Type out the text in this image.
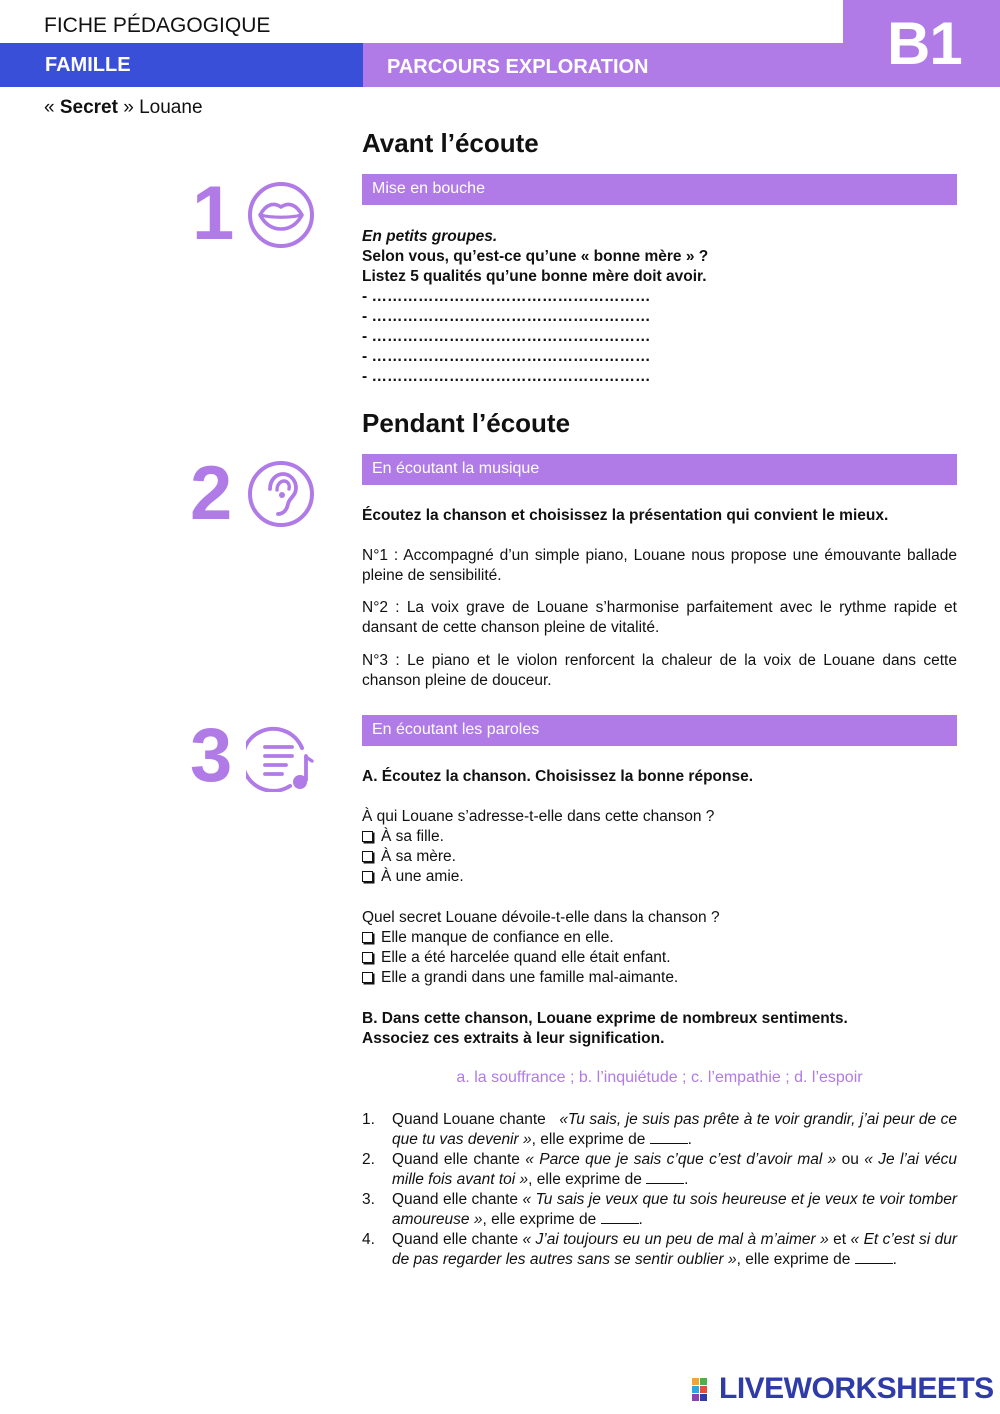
FICHE PÉDAGOGIQUE
FAMILLE	PARCOURS EXPLORATION	B1
« Secret » Louane
Avant l’écoute
1	Mise en bouche
En petits groupes.
Selon vous, qu’est-ce qu’une « bonne mère » ?
Listez 5 qualités qu’une bonne mère doit avoir.
- ………………………………………………
- ………………………………………………
- ………………………………………………
- ………………………………………………
- ………………………………………………
Pendant l’écoute
2	En écoutant la musique
Écoutez la chanson et choisissez la présentation qui convient le mieux.
N°1 : Accompagné d’un simple piano, Louane nous propose une émouvante ballade pleine de sensibilité.
N°2 : La voix grave de Louane s’harmonise parfaitement avec le rythme rapide et dansant de cette chanson pleine de vitalité.
N°3 : Le piano et le violon renforcent la chaleur de la voix de Louane dans cette chanson pleine de douceur.
3	En écoutant les paroles
A. Écoutez la chanson. Choisissez la bonne réponse.
À qui Louane s’adresse-t-elle dans cette chanson ?
À sa fille.
À sa mère.
À une amie.
Quel secret Louane dévoile-t-elle dans la chanson ?
Elle manque de confiance en elle.
Elle a été harcelée quand elle était enfant.
Elle a grandi dans une famille mal-aimante.
B. Dans cette chanson, Louane exprime de nombreux sentiments.
Associez ces extraits à leur signification.
a. la souffrance ; b. l’inquiétude ; c. l’empathie ; d. l’espoir
1. Quand Louane chante   «Tu sais, je suis pas prête à te voir grandir, j’ai peur de ce que tu vas devenir », elle exprime de .
2. Quand elle chante « Parce que je sais c’que c’est d’avoir mal » ou « Je l’ai vécu mille fois avant toi », elle exprime de .
3. Quand elle chante « Tu sais je veux que tu sois heureuse et je veux te voir tomber amoureuse », elle exprime de .
4. Quand elle chante « J’ai toujours eu un peu de mal à m’aimer » et « Et c’est si dur de pas regarder les autres sans se sentir oublier », elle exprime de .
LIVEWORKSHEETS
